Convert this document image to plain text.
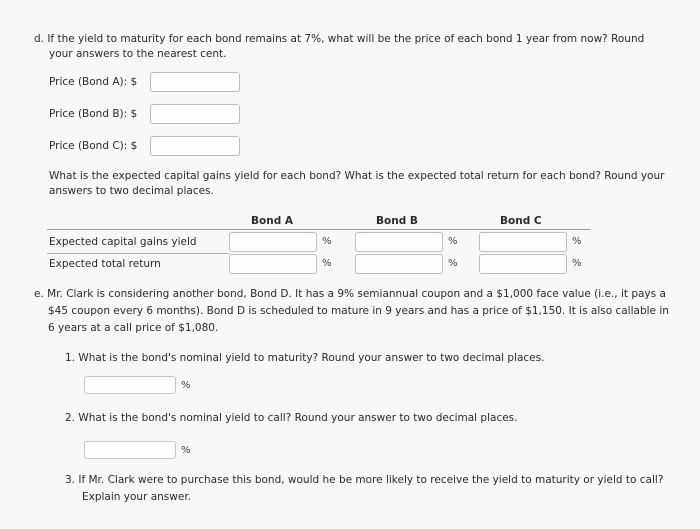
d. If the yield to maturity for each bond remains at 7%, what will be the price of each bond 1 year from now? Round
your answers to the nearest cent.
Price (Bond A): $
Price (Bond B): $
Price (Bond C): $
What is the expected capital gains yield for each bond? What is the expected total return for each bond? Round your
answers to two decimal places.
Bond A	Bond B	Bond C
Expected capital gains yield	%	%	%
Expected total return	%	%	%
e. Mr. Clark is considering another bond, Bond D. It has a 9% semiannual coupon and a $1,000 face value (i.e., it pays a
$45 coupon every 6 months). Bond D is scheduled to mature in 9 years and has a price of $1,150. It is also callable in
6 years at a call price of $1,080.
1. What is the bond's nominal yield to maturity? Round your answer to two decimal places.
%
2. What is the bond's nominal yield to call? Round your answer to two decimal places.
%
3. If Mr. Clark were to purchase this bond, would he be more likely to receive the yield to maturity or yield to call?
Explain your answer.
